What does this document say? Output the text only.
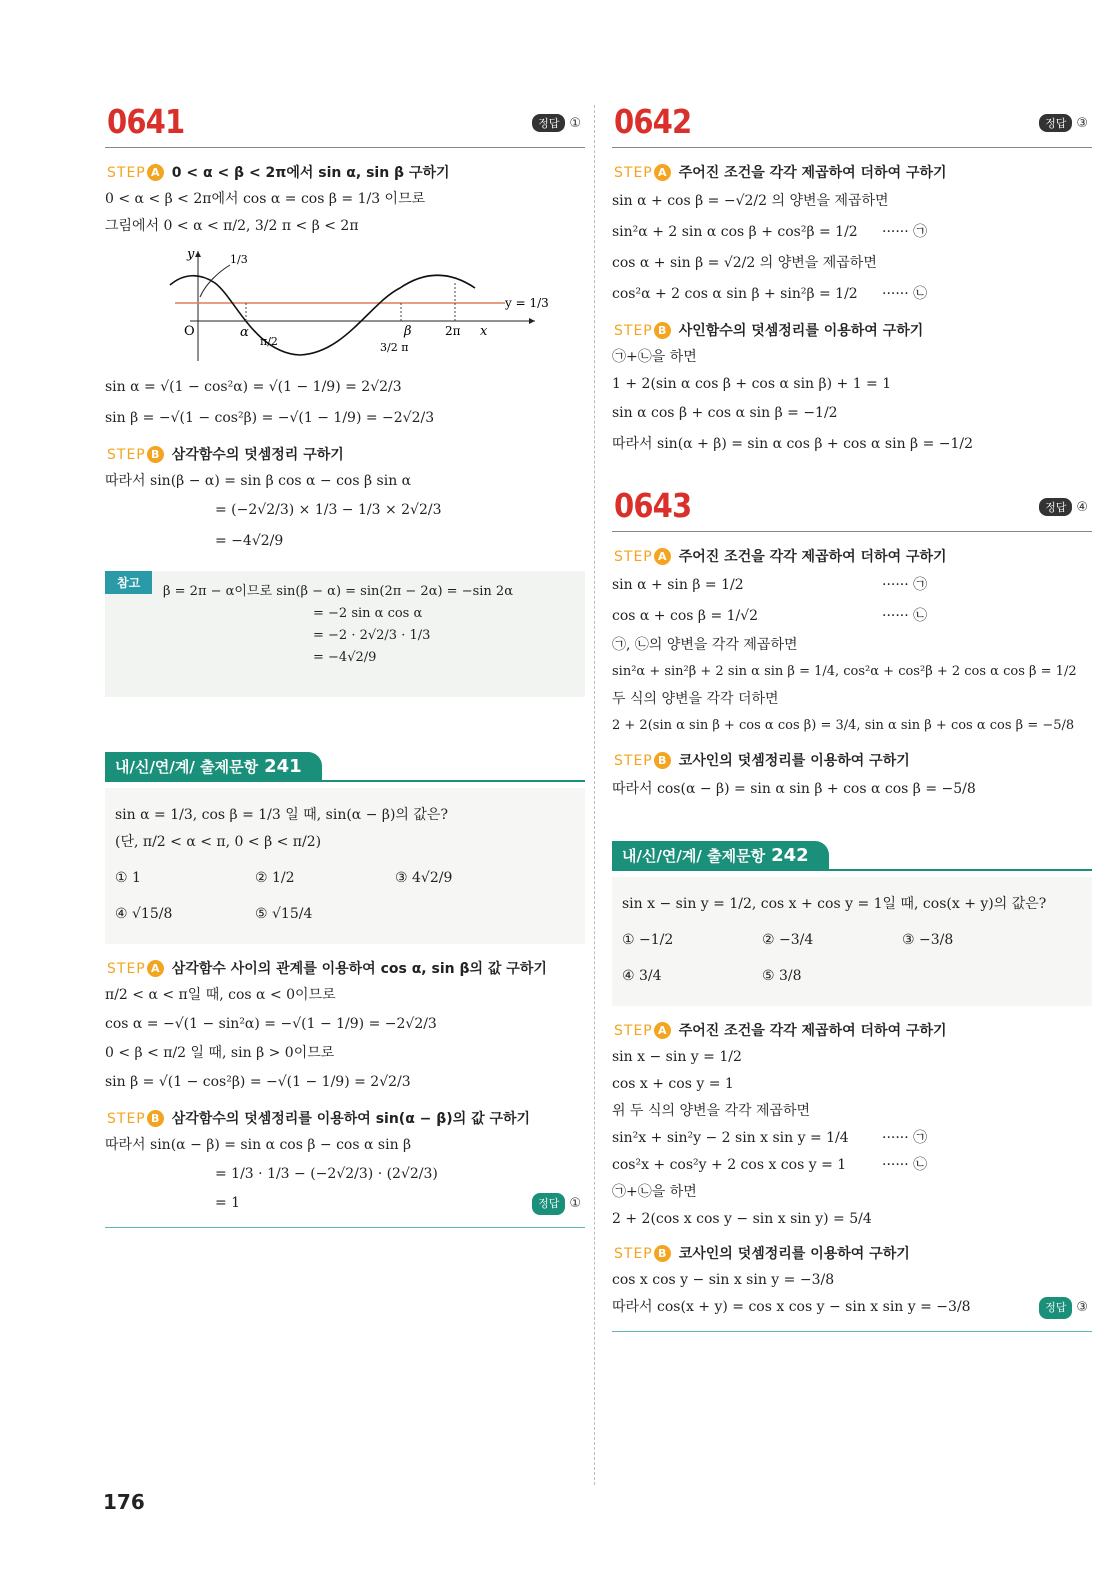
0641	정답 ①
STEP A 0 < α < β < 2π에서 sin α, sin β 구하기
0 < α < β < 2π에서 cos α = cos β = 1/3 이므로
그림에서 0 < α < π/2, 3/2 π < β < 2π
y	1/3
O	α
π/2	3/2 π
β	2π x
y = 1/3
sin α = √(1 − cos²α) = √(1 − 1/9) = 2√2/3
sin β = −√(1 − cos²β) = −√(1 − 1/9) = −2√2/3
STEP B 삼각함수의 덧셈정리 구하기
따라서 sin(β − α) = sin β cos α − cos β sin α
= (−2√2/3) × 1/3 − 1/3 × 2√2/3
= −4√2/9
참고
β = 2π − α이므로 sin(β − α) = sin(2π − 2α) = −sin 2α
= −2 sin α cos α
= −2 · 2√2/3 · 1/3
= −4√2/9
내/신/연/계/ 출제문항 241
sin α = 1/3, cos β = 1/3 일 때, sin(α − β)의 값은?
(단, π/2 < α < π, 0 < β < π/2)
① 1	② 1/2	③ 4√2/9
④ √15/8	⑤ √15/4
STEP A 삼각함수 사이의 관계를 이용하여 cos α, sin β의 값 구하기
π/2 < α < π일 때, cos α < 0이므로
cos α = −√(1 − sin²α) = −√(1 − 1/9) = −2√2/3
0 < β < π/2 일 때, sin β > 0이므로
sin β = √(1 − cos²β) = −√(1 − 1/9) = 2√2/3
STEP B 삼각함수의 덧셈정리를 이용하여 sin(α − β)의 값 구하기
따라서 sin(α − β) = sin α cos β − cos α sin β
= 1/3 · 1/3 − (−2√2/3) · (2√2/3)
= 1	정답 ①
0642	정답 ③
STEP A 주어진 조건을 각각 제곱하여 더하여 구하기
sin α + cos β = −√2/2 의 양변을 제곱하면
sin²α + 2 sin α cos β + cos²β = 1/2 ······ ㉠
cos α + sin β = √2/2 의 양변을 제곱하면
cos²α + 2 cos α sin β + sin²β = 1/2 ······ ㉡
STEP B 사인함수의 덧셈정리를 이용하여 구하기
㉠+㉡을 하면
1 + 2(sin α cos β + cos α sin β) + 1 = 1
sin α cos β + cos α sin β = −1/2
따라서 sin(α + β) = sin α cos β + cos α sin β = −1/2
0643	정답 ④
STEP A 주어진 조건을 각각 제곱하여 더하여 구하기
sin α + sin β = 1/2	······ ㉠
cos α + cos β = 1/√2	······ ㉡
㉠, ㉡의 양변을 각각 제곱하면
sin²α + sin²β + 2 sin α sin β = 1/4, cos²α + cos²β + 2 cos α cos β = 1/2
두 식의 양변을 각각 더하면
2 + 2(sin α sin β + cos α cos β) = 3/4, sin α sin β + cos α cos β = −5/8
STEP B 코사인의 덧셈정리를 이용하여 구하기
따라서 cos(α − β) = sin α sin β + cos α cos β = −5/8
내/신/연/계/ 출제문항 242
sin x − sin y = 1/2, cos x + cos y = 1일 때, cos(x + y)의 값은?
① −1/2	② −3/4	③ −3/8
④ 3/4	⑤ 3/8
STEP A 주어진 조건을 각각 제곱하여 더하여 구하기
sin x − sin y = 1/2
cos x + cos y = 1
위 두 식의 양변을 각각 제곱하면
sin²x + sin²y − 2 sin x sin y = 1/4 ······ ㉠
cos²x + cos²y + 2 cos x cos y = 1	······ ㉡
㉠+㉡을 하면
2 + 2(cos x cos y − sin x sin y) = 5/4
STEP B 코사인의 덧셈정리를 이용하여 구하기
cos x cos y − sin x sin y = −3/8
따라서 cos(x + y) = cos x cos y − sin x sin y = −3/8	정답 ③
176
